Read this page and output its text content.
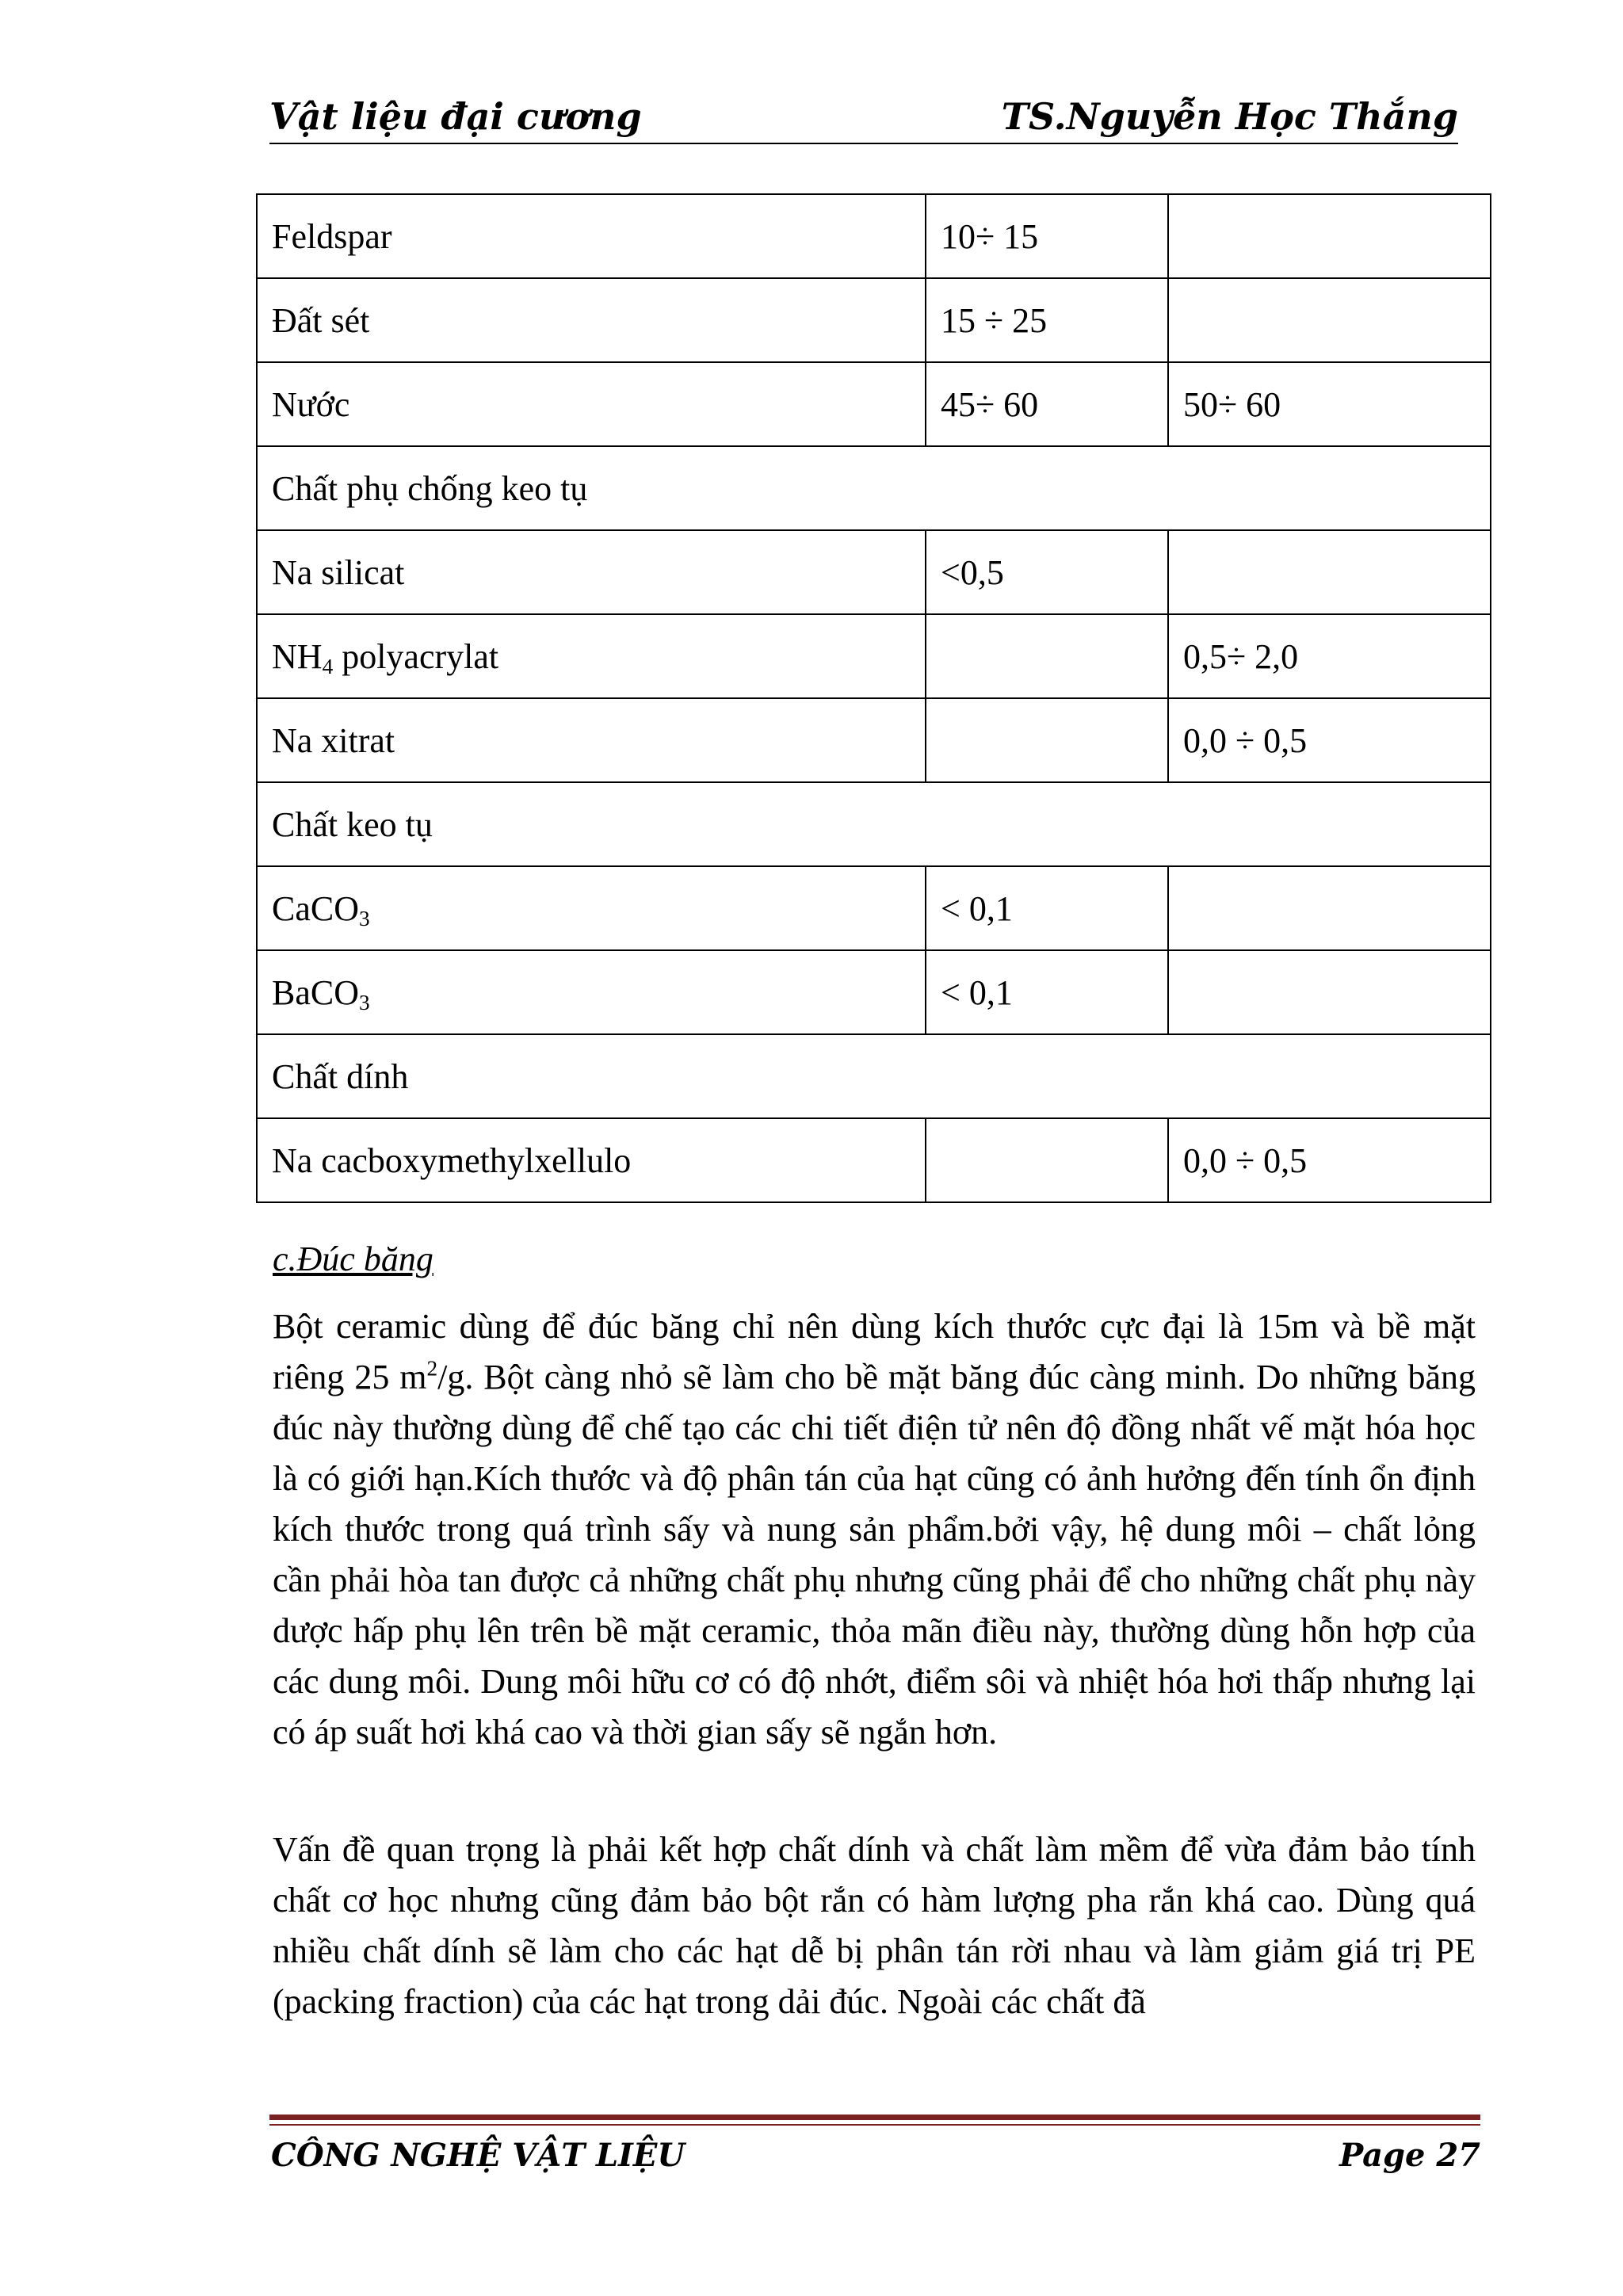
Vật liệu đại cương	TS.Nguyễn Học Thắng
Feldspar	10÷ 15	
Đất sét	15 ÷ 25	
Nước	45÷ 60	50÷ 60
Chất phụ chống keo tụ		
Na silicat	<0,5	
$NH_4$ polyacrylat		0,5÷ 2,0
Na xitrat		0,0 ÷ 0,5
Chất keo tụ		
CaCO$_3$	< 0,1	
BaCO$_3$	< 0,1	
Chất dính		
Na cacboxymethylxellulo		0,0 ÷ 0,5
c.Đúc băng

Bột ceramic dùng để đúc băng chỉ nên dùng kích thước cực đại là 15m và bề mặt riêng 25 $m^2/g$. Bột càng nhỏ sẽ làm cho bề mặt băng đúc càng minh. Do những băng đúc này thường dùng để chế tạo các chi tiết điện tử nên độ đồng nhất vế mặt hóa học là có giới hạn.Kích thước và độ phân tán của hạt cũng có ảnh hưởng đến tính ổn định kích thước trong quá trình sấy và nung sản phẩm.bởi vậy, hệ dung môi – chất lỏng cần phải hòa tan được cả những chất phụ nhưng cũng phải để cho những chất phụ này dược hấp phụ lên trên bề mặt ceramic, thỏa mãn điều này, thường dùng hỗn hợp của các dung môi. Dung môi hữu cơ có độ nhớt, điểm sôi và nhiệt hóa hơi thấp nhưng lại có áp suất hơi khá cao và thời gian sấy sẽ ngắn hơn.

Vấn đề quan trọng là phải kết hợp chất dính và chất làm mềm để vừa đảm bảo tính chất cơ học nhưng cũng đảm bảo bột rắn có hàm lượng pha rắn khá cao. Dùng quá nhiều chất dính sẽ làm cho các hạt dễ bị phân tán rời nhau và làm giảm giá trị PE (packing fraction) của các hạt trong dải đúc. Ngoài các chất đã

CÔNG NGHỆ VẬT LIỆU	Page 27
